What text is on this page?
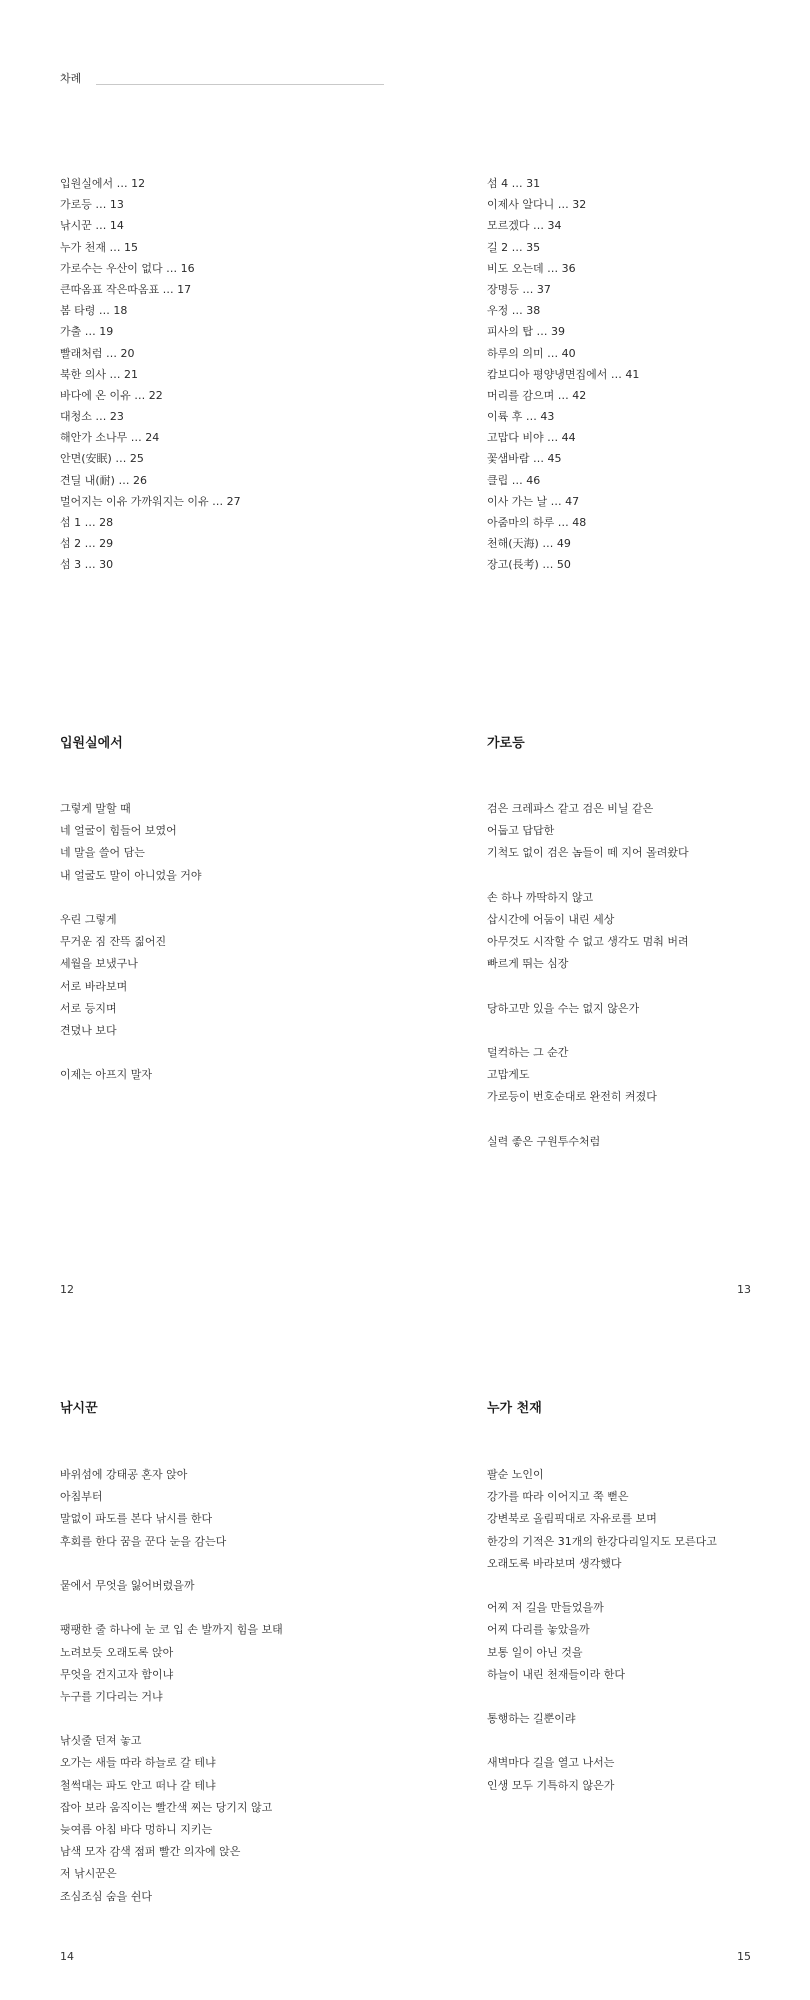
차례
입원실에서 … 12
가로등 … 13
낚시꾼 … 14
누가 천재 … 15
가로수는 우산이 없다 … 16
큰따옴표 작은따옴표 … 17
봄 타령 … 18
가출 … 19
빨래처럼 … 20
북한 의사 … 21
바다에 온 이유 … 22
대청소 … 23
해안가 소나무 … 24
안면(安眠) … 25
견딜 내(耐) … 26
멀어지는 이유 가까워지는 이유 … 27
섬 1 … 28
섬 2 … 29
섬 3 … 30
섬 4 … 31
이제사 알다니 … 32
모르겠다 … 34
길 2 … 35
비도 오는데 … 36
장명등 … 37
우정 … 38
피사의 탑 … 39
하루의 의미 … 40
캄보디아 평양냉면집에서 … 41
머리를 감으며 … 42
이륙 후 … 43
고맙다 비야 … 44
꽃샘바람 … 45
클립 … 46
이사 가는 날 … 47
아줌마의 하루 … 48
천해(天海) … 49
장고(長考) … 50
입원실에서
그렇게 말할 때
네 얼굴이 힘들어 보였어
네 말을 쓸어 담는
내 얼굴도 말이 아니었을 거야
우린 그렇게
무거운 짐 잔뜩 짊어진
세월을 보냈구나
서로 바라보며
서로 등지며
견뎠나 보다
이제는 아프지 말자
가로등
검은 크레파스 같고 검은 비닐 같은
어둡고 답답한
기척도 없이 검은 놈들이 떼 지어 몰려왔다
손 하나 까딱하지 않고
삽시간에 어둠이 내린 세상
아무것도 시작할 수 없고 생각도 멈춰 버려
빠르게 뛰는 심장
당하고만 있을 수는 없지 않은가
덜컥하는 그 순간
고맙게도
가로등이 번호순대로 완전히 켜졌다
실력 좋은 구원투수처럼
12	13
낚시꾼
바위섬에 강태공 혼자 앉아
아침부터
말없이 파도를 본다 낚시를 한다
후회를 한다 꿈을 꾼다 눈을 감는다
뭍에서 무엇을 잃어버렸을까
팽팽한 줄 하나에 눈 코 입 손 발까지 힘을 보태
노려보듯 오래도록 앉아
무엇을 건지고자 함이냐
누구를 기다리는 거냐
낚싯줄 던져 놓고
오가는 새들 따라 하늘로 갈 테냐
철썩대는 파도 안고 떠나 갈 테냐
잡아 보라 움직이는 빨간색 찌는 당기지 않고
늦여름 아침 바다 멍하니 지키는
남색 모자 감색 점퍼 빨간 의자에 앉은
저 낚시꾼은
조심조심 숨을 쉰다
누가 천재
팔순 노인이
강가를 따라 이어지고 쭉 뻗은
강변북로 올림픽대로 자유로를 보며
한강의 기적은 31개의 한강다리일지도 모른다고
오래도록 바라보며 생각했다
어찌 저 길을 만들었을까
어찌 다리를 놓았을까
보통 일이 아닌 것을
하늘이 내린 천재들이라 한다
통행하는 길뿐이랴
새벽마다 길을 열고 나서는
인생 모두 기특하지 않은가
14	15
